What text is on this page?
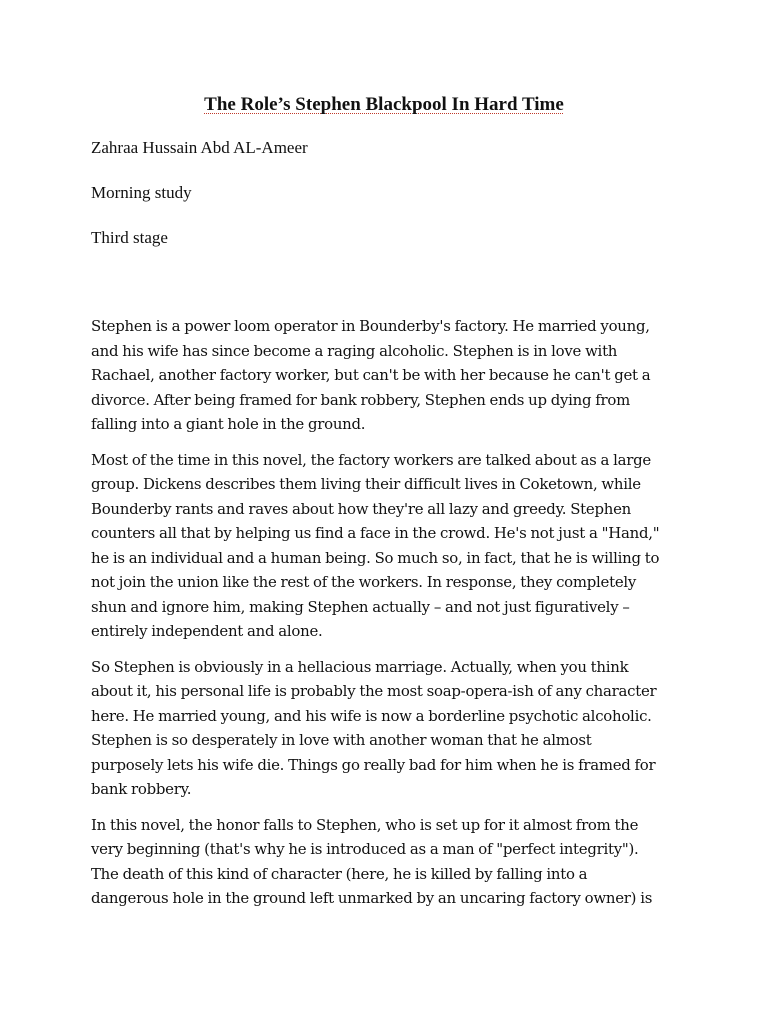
The Role’s Stephen Blackpool In Hard Time

Zahraa Hussain Abd AL-Ameer

Morning study

Third stage

Stephen is a power loom operator in Bounderby's factory. He married young,
and his wife has since become a raging alcoholic. Stephen is in love with
Rachael, another factory worker, but can't be with her because he can't get a
divorce. After being framed for bank robbery, Stephen ends up dying from
falling into a giant hole in the ground.

Most of the time in this novel, the factory workers are talked about as a large
group. Dickens describes them living their difficult lives in Coketown, while
Bounderby rants and raves about how they're all lazy and greedy. Stephen
counters all that by helping us find a face in the crowd. He's not just a "Hand,"
he is an individual and a human being. So much so, in fact, that he is willing to
not join the union like the rest of the workers. In response, they completely
shun and ignore him, making Stephen actually – and not just figuratively –
entirely independent and alone.

So Stephen is obviously in a hellacious marriage. Actually, when you think
about it, his personal life is probably the most soap-opera-ish of any character
here. He married young, and his wife is now a borderline psychotic alcoholic.
Stephen is so desperately in love with another woman that he almost
purposely lets his wife die. Things go really bad for him when he is framed for
bank robbery.

In this novel, the honor falls to Stephen, who is set up for it almost from the
very beginning (that's why he is introduced as a man of "perfect integrity").
The death of this kind of character (here, he is killed by falling into a
dangerous hole in the ground left unmarked by an uncaring factory owner) is
